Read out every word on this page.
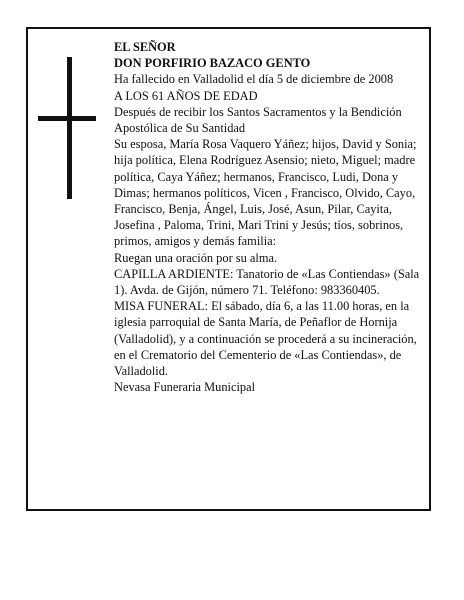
EL SEÑOR

DON PORFIRIO BAZACO GENTO

Ha fallecido en Valladolid el día 5 de diciembre de 2008

A LOS 61 AÑOS DE EDAD

Después de recibir los Santos Sacramentos y la Bendición Apostólica de Su Santidad

Su esposa, María Rosa Vaquero Yáñez; hijos, David y Sonia; hija política, Elena Rodríguez Asensio; nieto, Miguel; madre política, Caya Yáñez; hermanos, Francisco, Ludi, Dona y Dimas; hermanos políticos, Vicen , Francisco, Olvido, Cayo, Francisco, Benja, Ángel, Luis, José, Asun, Pilar, Cayita, Josefina , Paloma, Trini, Mari Trini y Jesús; tíos, sobrinos, primos, amigos y demás familia:

Ruegan una oración por su alma.

CAPILLA ARDIENTE: Tanatorio de «Las Contiendas» (Sala 1). Avda. de Gijón, número 71. Teléfono: 983360405.

MISA FUNERAL: El sábado, día 6, a las 11.00 horas, en la iglesia parroquial de Santa María, de Peñaflor de Hornija (Valladolid), y a continuación se procederá a su incineración, en el Crematorio del Cementerio de «Las Contiendas», de Valladolid.

Nevasa Funeraria Municipal
